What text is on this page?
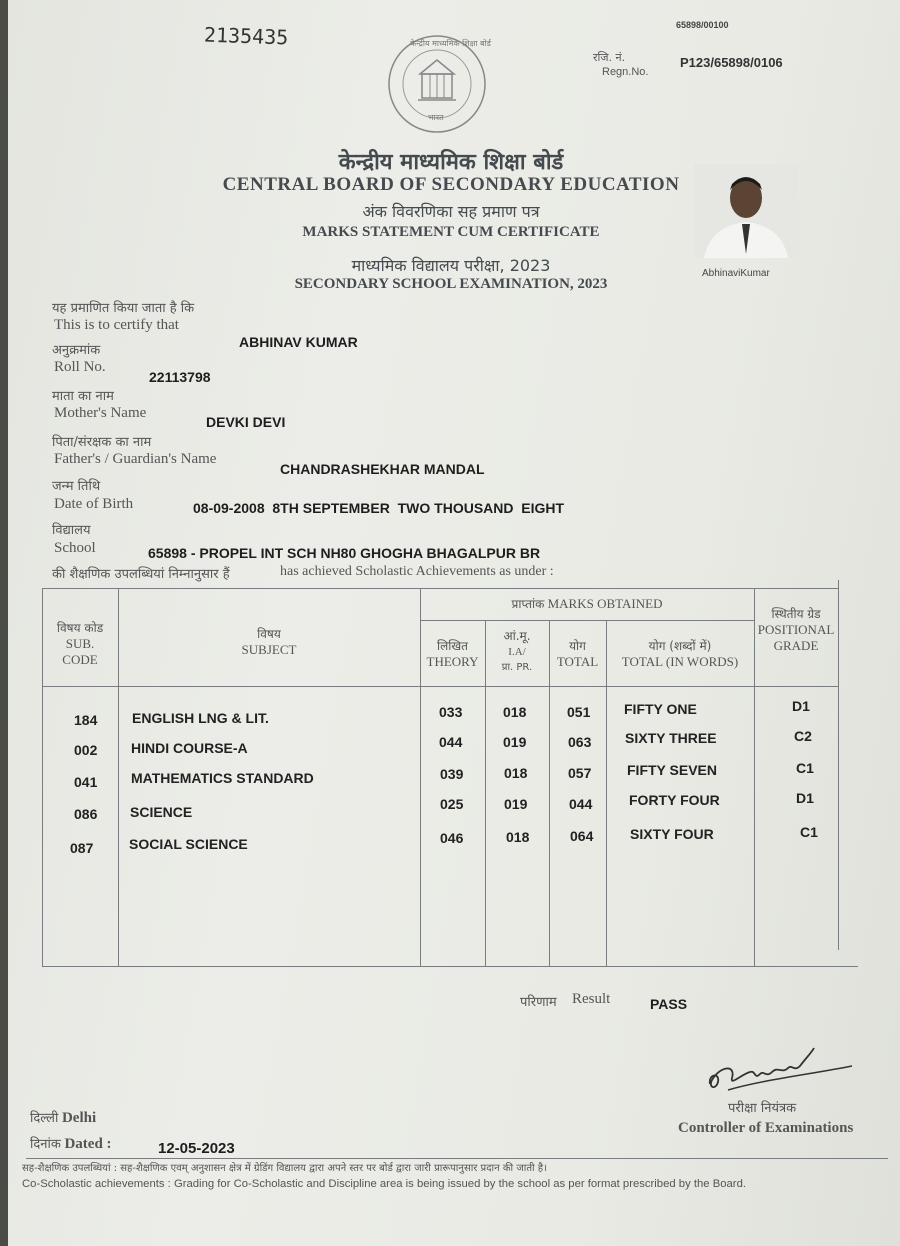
2135435	65898/00100
रजि. नं.
Regn.No.
P123/65898/0106
केन्द्रीय माध्यमिक शिक्षा बोर्ड
भारत
केन्द्रीय माध्यमिक शिक्षा बोर्ड
CENTRAL BOARD OF SECONDARY EDUCATION
अंक विवरणिका सह प्रमाण पत्र
MARKS STATEMENT CUM CERTIFICATE
माध्यमिक विद्यालय परीक्षा, 2023
SECONDARY SCHOOL EXAMINATION, 2023
AbhinaviKumar
यह प्रमाणित किया जाता है कि
This is to certify that
ABHINAV KUMAR
अनुक्रमांक
Roll No.
22113798
माता का नाम
Mother's Name
DEVKI DEVI
पिता/संरक्षक का नाम
Father's / Guardian's Name
CHANDRASHEKHAR MANDAL
जन्म तिथि
Date of Birth	08-09-2008  8TH SEPTEMBER  TWO THOUSAND  EIGHT
विद्यालय
School	65898 - PROPEL INT SCH NH80 GHOGHA BHAGALPUR BR
की शैक्षणिक उपलब्धियां निम्नानुसार हैं	has achieved Scholastic Achievements as under :
विषय कोड
SUB.
CODE
विषय
SUBJECT
प्राप्तांक MARKS OBTAINED
लिखित
THEORY
आं.मू.
I.A/
प्रा. PR.
योग
TOTAL
योग (शब्दों में)
TOTAL (IN WORDS)
स्थितीय ग्रेड
POSITIONAL
GRADE
184 ENGLISH LNG & LIT.	033	018	051 FIFTY ONE	D1
002 HINDI COURSE-A	044	019	063 SIXTY THREE	C2
041 MATHEMATICS STANDARD	039	018	057	FIFTY SEVEN	C1
086 SCIENCE	025	019	044	FORTY FOUR	D1
087	SOCIAL SCIENCE	046	018	064	SIXTY FOUR	C1
परिणाम Result	PASS
परीक्षा नियंत्रक
Controller of Examinations
दिल्ली Delhi
दिनांक Dated :	12-05-2023
सह-शैक्षणिक उपलब्धियां : सह-शैक्षणिक एवम् अनुशासन क्षेत्र में ग्रेडिंग विद्यालय द्वारा अपने स्तर पर बोर्ड द्वारा जारी प्रारूपानुसार प्रदान की जाती है।
Co-Scholastic achievements : Grading for Co-Scholastic and Discipline area is being issued by the school as per format prescribed by the Board.
